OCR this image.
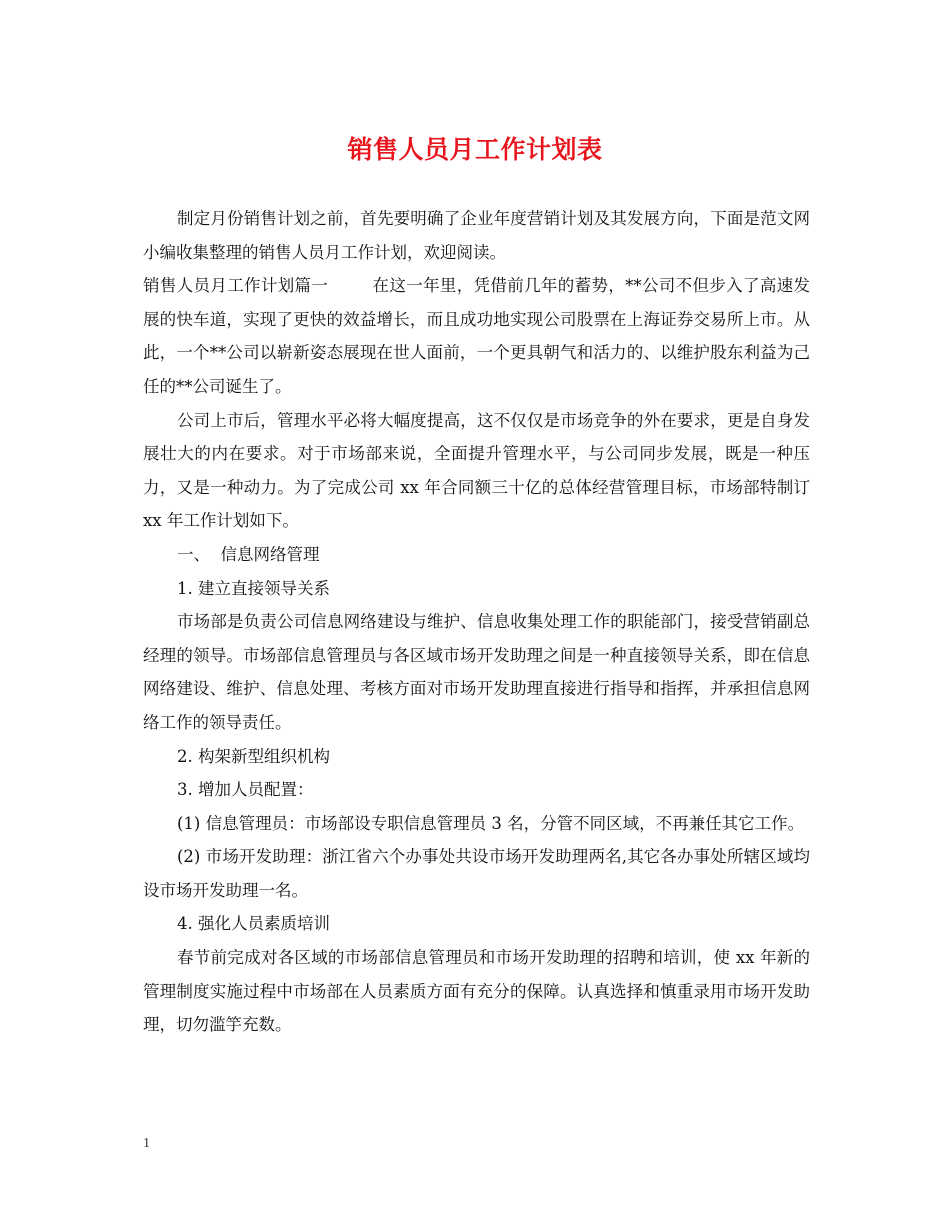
销售人员月工作计划表

制定月份销售计划之前，首先要明确了企业年度营销计划及其发展方向，下面是范文网小编收集整理的销售人员月工作计划，欢迎阅读。

销售人员月工作计划篇一	在这一年里，凭借前几年的蓄势，**公司不但步入了高速发展的快车道，实现了更快的效益增长，而且成功地实现公司股票在上海证券交易所上市。从此，一个**公司以崭新姿态展现在世人面前，一个更具朝气和活力的、以维护股东利益为己任的**公司诞生了。

公司上市后，管理水平必将大幅度提高，这不仅仅是市场竞争的外在要求，更是自身发展壮大的内在要求。对于市场部来说，全面提升管理水平，与公司同步发展，既是一种压力，又是一种动力。为了完成公司 xx 年合同额三十亿的总体经营管理目标，市场部特制订 xx 年工作计划如下。

一、  信息网络管理

1. 建立直接领导关系

市场部是负责公司信息网络建设与维护、信息收集处理工作的职能部门，接受营销副总经理的领导。市场部信息管理员与各区域市场开发助理之间是一种直接领导关系，即在信息网络建设、维护、信息处理、考核方面对市场开发助理直接进行指导和指挥，并承担信息网络工作的领导责任。

2. 构架新型组织机构

3. 增加人员配置：

(1) 信息管理员：市场部设专职信息管理员 3 名，分管不同区域，不再兼任其它工作。

(2) 市场开发助理：浙江省六个办事处共设市场开发助理两名,其它各办事处所辖区域均设市场开发助理一名。

4. 强化人员素质培训

春节前完成对各区域的市场部信息管理员和市场开发助理的招聘和培训，使 xx 年新的管理制度实施过程中市场部在人员素质方面有充分的保障。认真选择和慎重录用市场开发助理，切勿滥竽充数。

1
